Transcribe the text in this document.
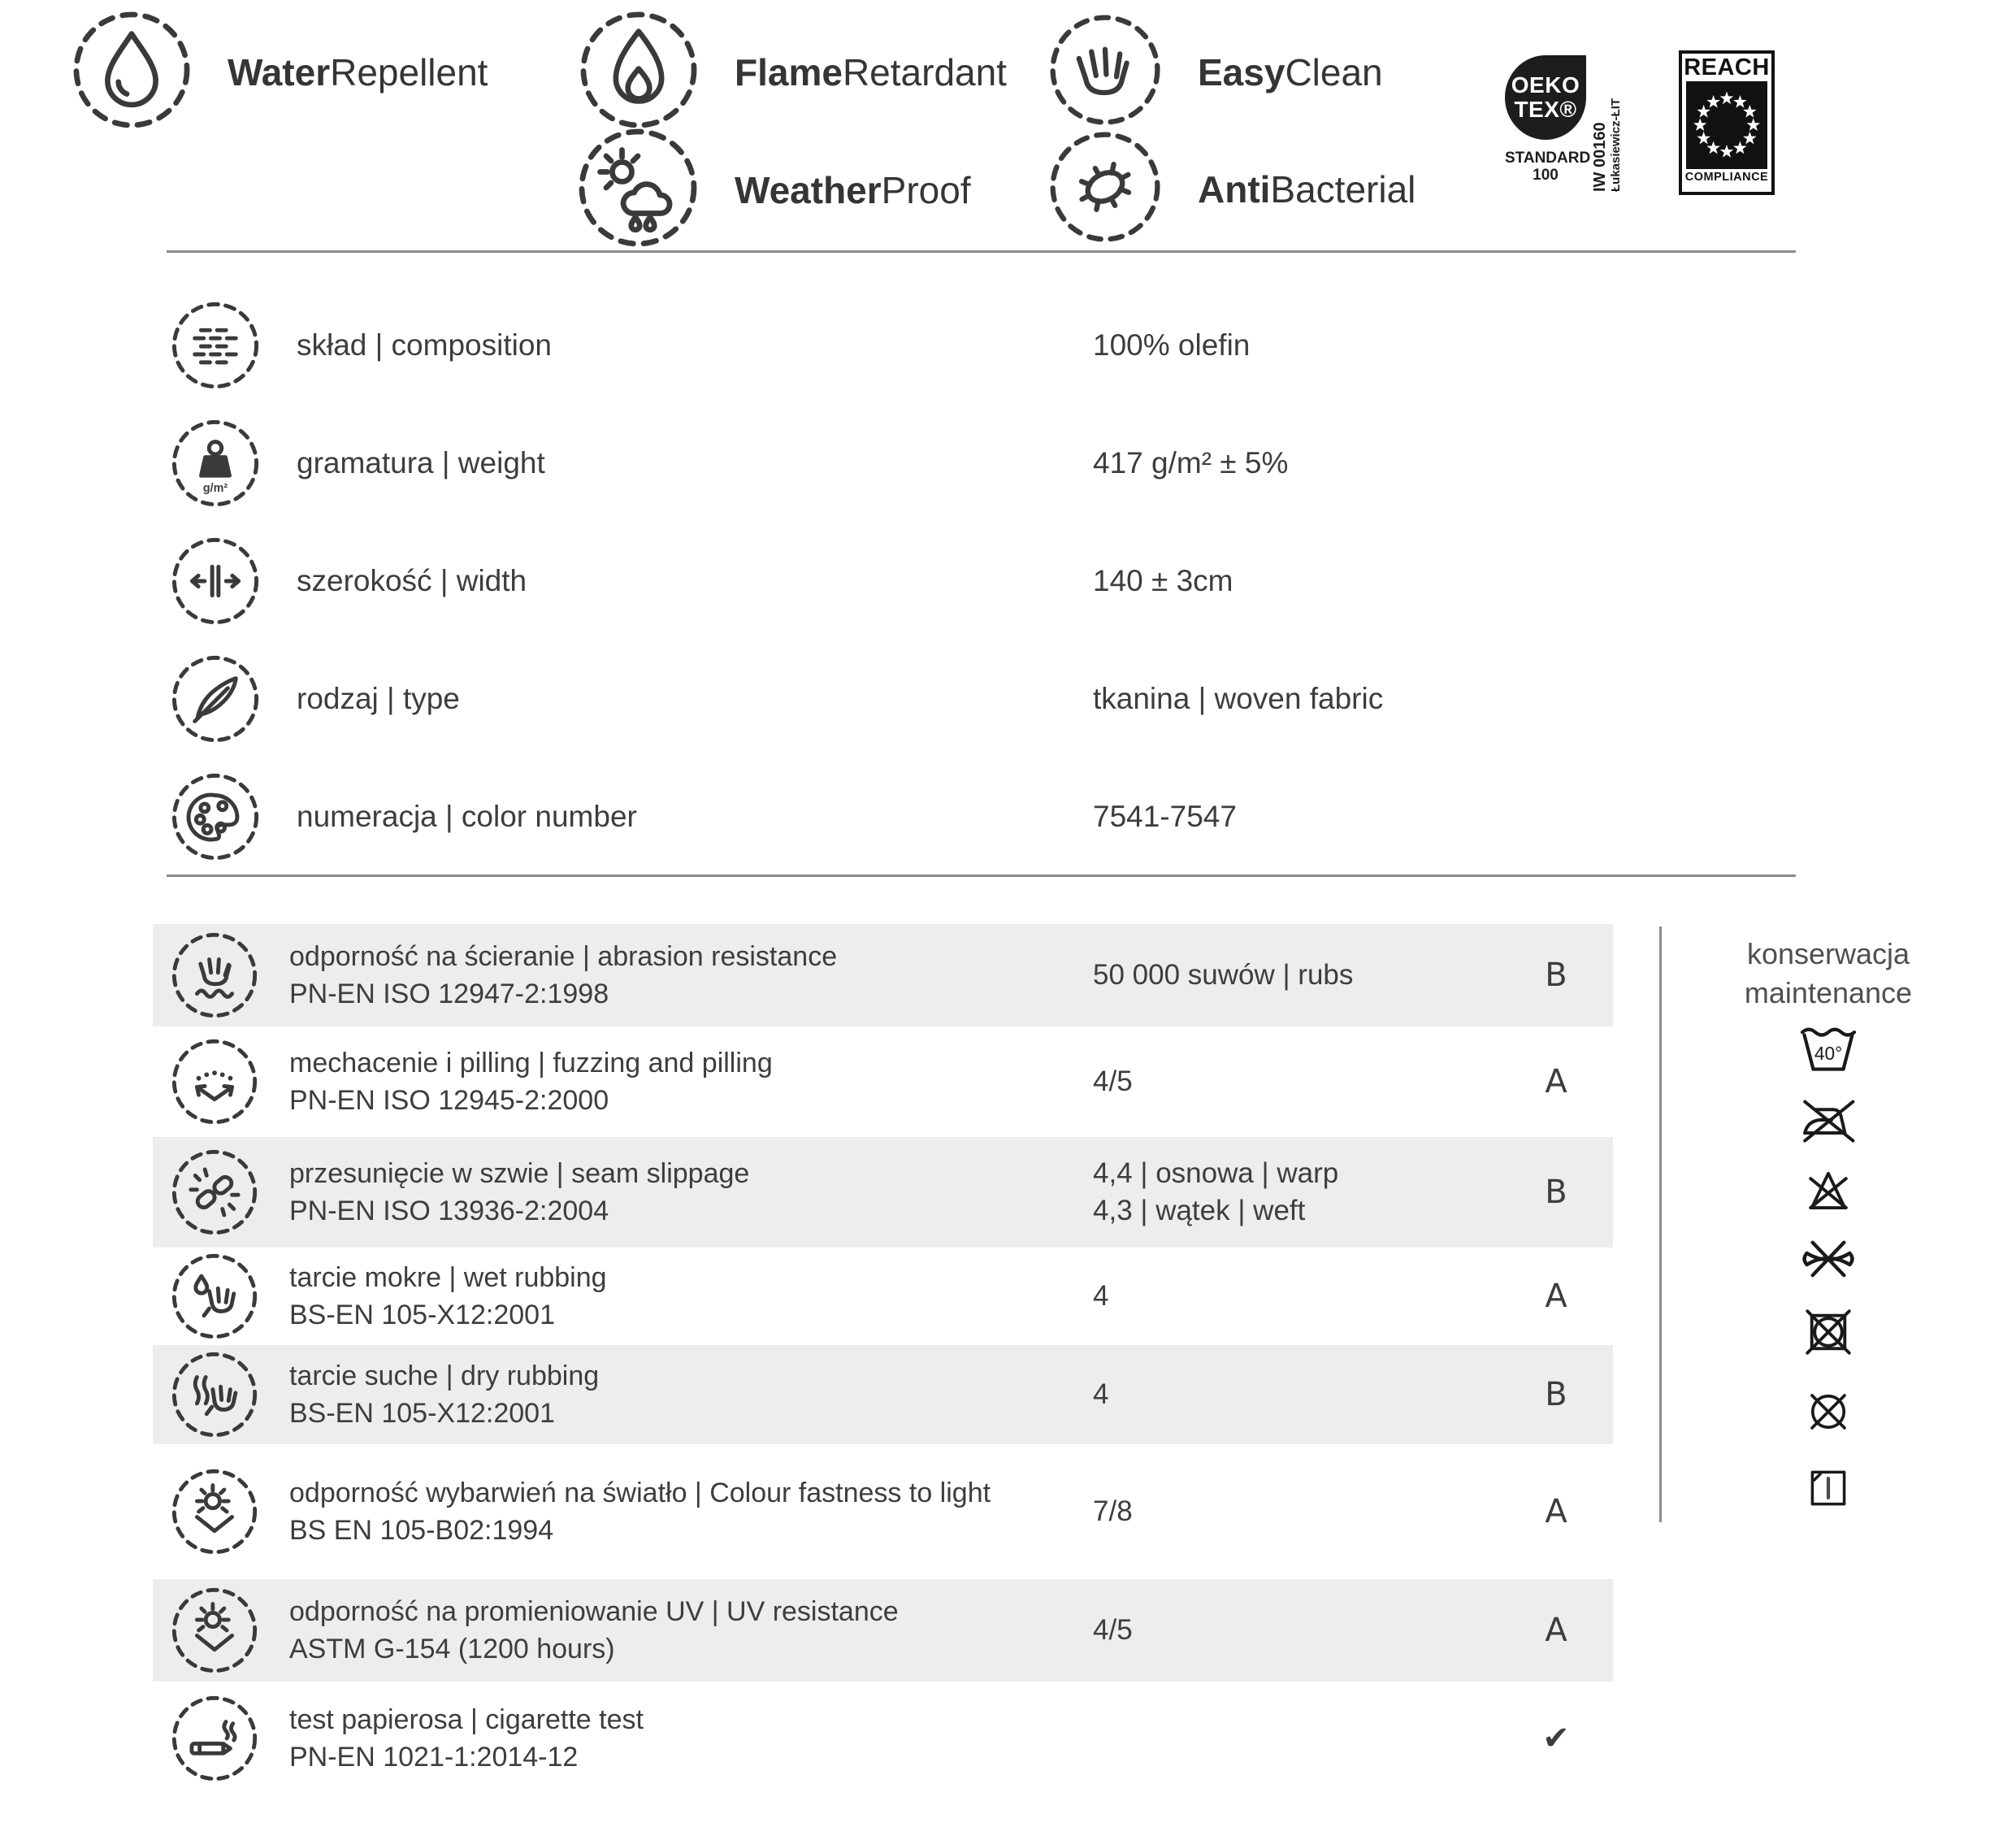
WaterRepellent	FlameRetardant	EasyClean
WeatherProof	AntiBacterial
OEKO
TEX®
STANDARD
100	IW 00160 Łukasiewicz-ŁIT
REACH
COMPLIANCE
skład | composition	100% olefin
g/m²
gramatura | weight	417 g/m² ± 5%
szerokość | width	140 ± 3cm
rodzaj | type	tkanina | woven fabric
numeracja | color number	7541-7547
odporność na ścieranie | abrasion resistance
PN-EN ISO 12947-2:1998
50 000 suwów | rubs	B
mechacenie i pilling | fuzzing and pilling
PN-EN ISO 12945-2:2000
4/5	A
przesunięcie w szwie | seam slippage
PN-EN ISO 13936-2:2004
4,4 | osnowa | warp
4,3 | wątek | weft	B
tarcie mokre | wet rubbing
BS-EN 105-X12:2001
4	A
tarcie suche | dry rubbing
BS-EN 105-X12:2001
4	B
odporność wybarwień na światło | Colour fastness to light
BS EN 105-B02:1994
7/8	A
odporność na promieniowanie UV | UV resistance
ASTM G-154 (1200 hours)
4/5	A
test papierosa | cigarette test
PN-EN 1021-1:2014-12	✔
konserwacja
maintenance
40°
